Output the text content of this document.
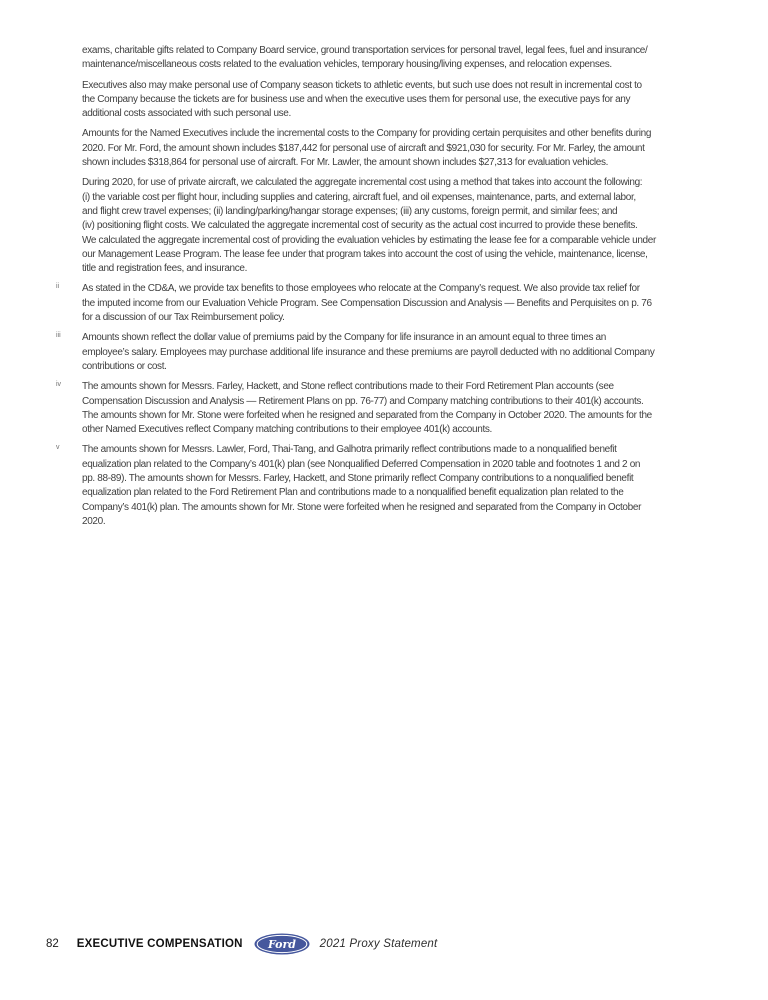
exams, charitable gifts related to Company Board service, ground transportation services for personal travel, legal fees, fuel and insurance/
maintenance/miscellaneous costs related to the evaluation vehicles, temporary housing/living expenses, and relocation expenses.
Executives also may make personal use of Company season tickets to athletic events, but such use does not result in incremental cost to
the Company because the tickets are for business use and when the executive uses them for personal use, the executive pays for any
additional costs associated with such personal use.
Amounts for the Named Executives include the incremental costs to the Company for providing certain perquisites and other benefits during
2020. For Mr. Ford, the amount shown includes $187,442 for personal use of aircraft and $921,030 for security. For Mr. Farley, the amount
shown includes $318,864 for personal use of aircraft. For Mr. Lawler, the amount shown includes $27,313 for evaluation vehicles.
During 2020, for use of private aircraft, we calculated the aggregate incremental cost using a method that takes into account the following:
(i) the variable cost per flight hour, including supplies and catering, aircraft fuel, and oil expenses, maintenance, parts, and external labor,
and flight crew travel expenses; (ii) landing/parking/hangar storage expenses; (iii) any customs, foreign permit, and similar fees; and
(iv) positioning flight costs. We calculated the aggregate incremental cost of security as the actual cost incurred to provide these benefits.
We calculated the aggregate incremental cost of providing the evaluation vehicles by estimating the lease fee for a comparable vehicle under
our Management Lease Program. The lease fee under that program takes into account the cost of using the vehicle, maintenance, license,
title and registration fees, and insurance.
ii As stated in the CD&A, we provide tax benefits to those employees who relocate at the Company’s request. We also provide tax relief for
the imputed income from our Evaluation Vehicle Program. See Compensation Discussion and Analysis — Benefits and Perquisites on p. 76
for a discussion of our Tax Reimbursement policy.
iii Amounts shown reflect the dollar value of premiums paid by the Company for life insurance in an amount equal to three times an
employee’s salary. Employees may purchase additional life insurance and these premiums are payroll deducted with no additional Company
contributions or cost.
iv The amounts shown for Messrs. Farley, Hackett, and Stone reflect contributions made to their Ford Retirement Plan accounts (see
Compensation Discussion and Analysis — Retirement Plans on pp. 76-77) and Company matching contributions to their 401(k) accounts.
The amounts shown for Mr. Stone were forfeited when he resigned and separated from the Company in October 2020. The amounts for the
other Named Executives reflect Company matching contributions to their employee 401(k) accounts.
v The amounts shown for Messrs. Lawler, Ford, Thai-Tang, and Galhotra primarily reflect contributions made to a nonqualified benefit
equalization plan related to the Company’s 401(k) plan (see Nonqualified Deferred Compensation in 2020 table and footnotes 1 and 2 on
pp. 88-89). The amounts shown for Messrs. Farley, Hackett, and Stone primarily reflect Company contributions to a nonqualified benefit
equalization plan related to the Ford Retirement Plan and contributions made to a nonqualified benefit equalization plan related to the
Company’s 401(k) plan. The amounts shown for Mr. Stone were forfeited when he resigned and separated from the Company in October
2020.
82 EXECUTIVE COMPENSATION Ford 2021 Proxy Statement
